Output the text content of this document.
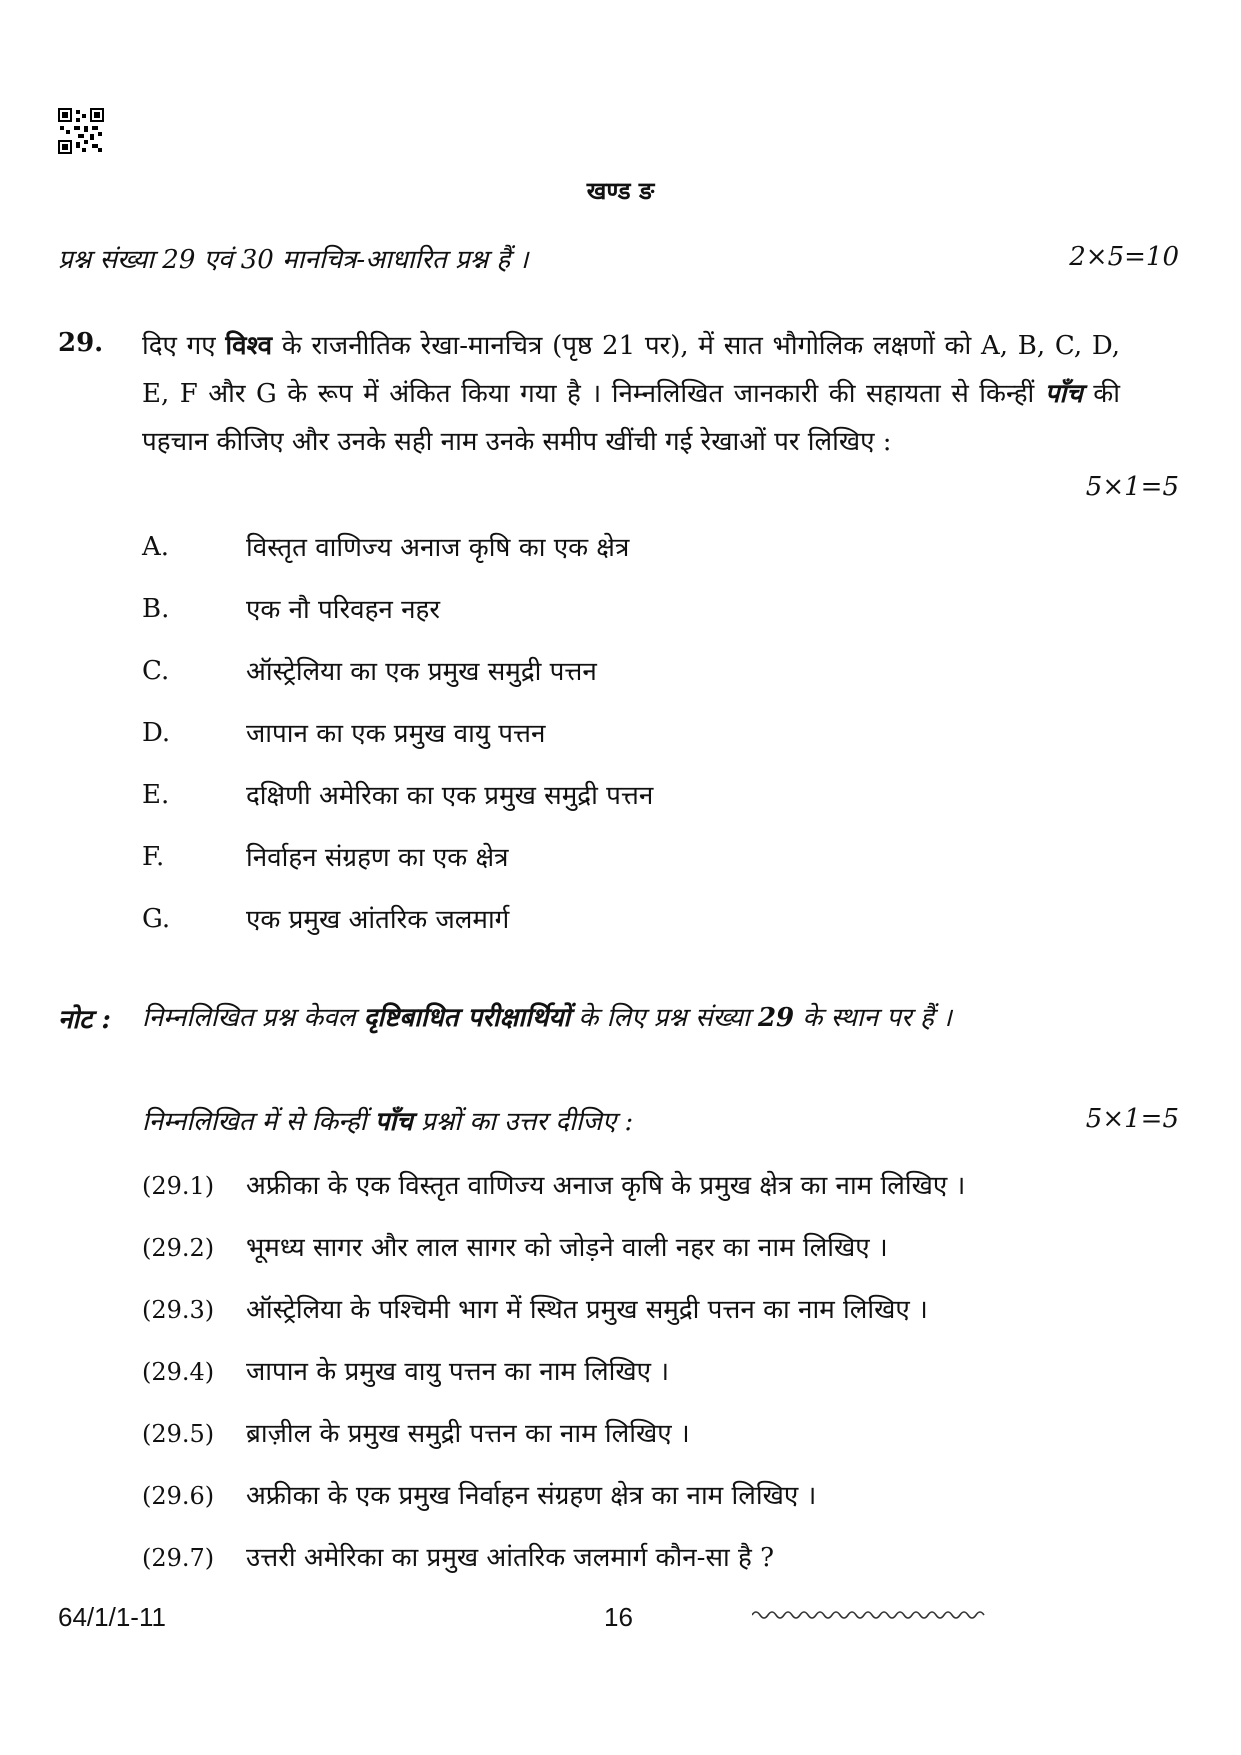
खण्ड ङ
प्रश्न संख्या 29 एवं 30 मानचित्र-आधारित प्रश्न हैं ।	2×5=10
29. दिए गए विश्व के राजनीतिक रेखा-मानचित्र (पृष्ठ 21 पर), में सात भौगोलिक लक्षणों को A, B, C, D, E, F और G के रूप में अंकित किया गया है । निम्नलिखित जानकारी की सहायता से किन्हीं पाँच की पहचान कीजिए और उनके सही नाम उनके समीप खींची गई रेखाओं पर लिखिए :

5×1=5
A.	विस्तृत वाणिज्य अनाज कृषि का एक क्षेत्र
B.	एक नौ परिवहन नहर
C.	ऑस्ट्रेलिया का एक प्रमुख समुद्री पत्तन
D.	जापान का एक प्रमुख वायु पत्तन
E.	दक्षिणी अमेरिका का एक प्रमुख समुद्री पत्तन
F.	निर्वाहन संग्रहण का एक क्षेत्र
G.	एक प्रमुख आंतरिक जलमार्ग
नोट : निम्नलिखित प्रश्न केवल दृष्टिबाधित परीक्षार्थियों के लिए प्रश्न संख्या 29 के स्थान पर हैं ।
निम्नलिखित में से किन्हीं पाँच प्रश्नों का उत्तर दीजिए :	5×1=5
(29.1) अफ्रीका के एक विस्तृत वाणिज्य अनाज कृषि के प्रमुख क्षेत्र का नाम लिखिए ।
(29.2) भूमध्य सागर और लाल सागर को जोड़ने वाली नहर का नाम लिखिए ।
(29.3) ऑस्ट्रेलिया के पश्चिमी भाग में स्थित प्रमुख समुद्री पत्तन का नाम लिखिए ।
(29.4) जापान के प्रमुख वायु पत्तन का नाम लिखिए ।
(29.5) ब्राज़ील के प्रमुख समुद्री पत्तन का नाम लिखिए ।
(29.6) अफ्रीका के एक प्रमुख निर्वाहन संग्रहण क्षेत्र का नाम लिखिए ।
(29.7) उत्तरी अमेरिका का प्रमुख आंतरिक जलमार्ग कौन-सा है ?
64/1/1-11	16
